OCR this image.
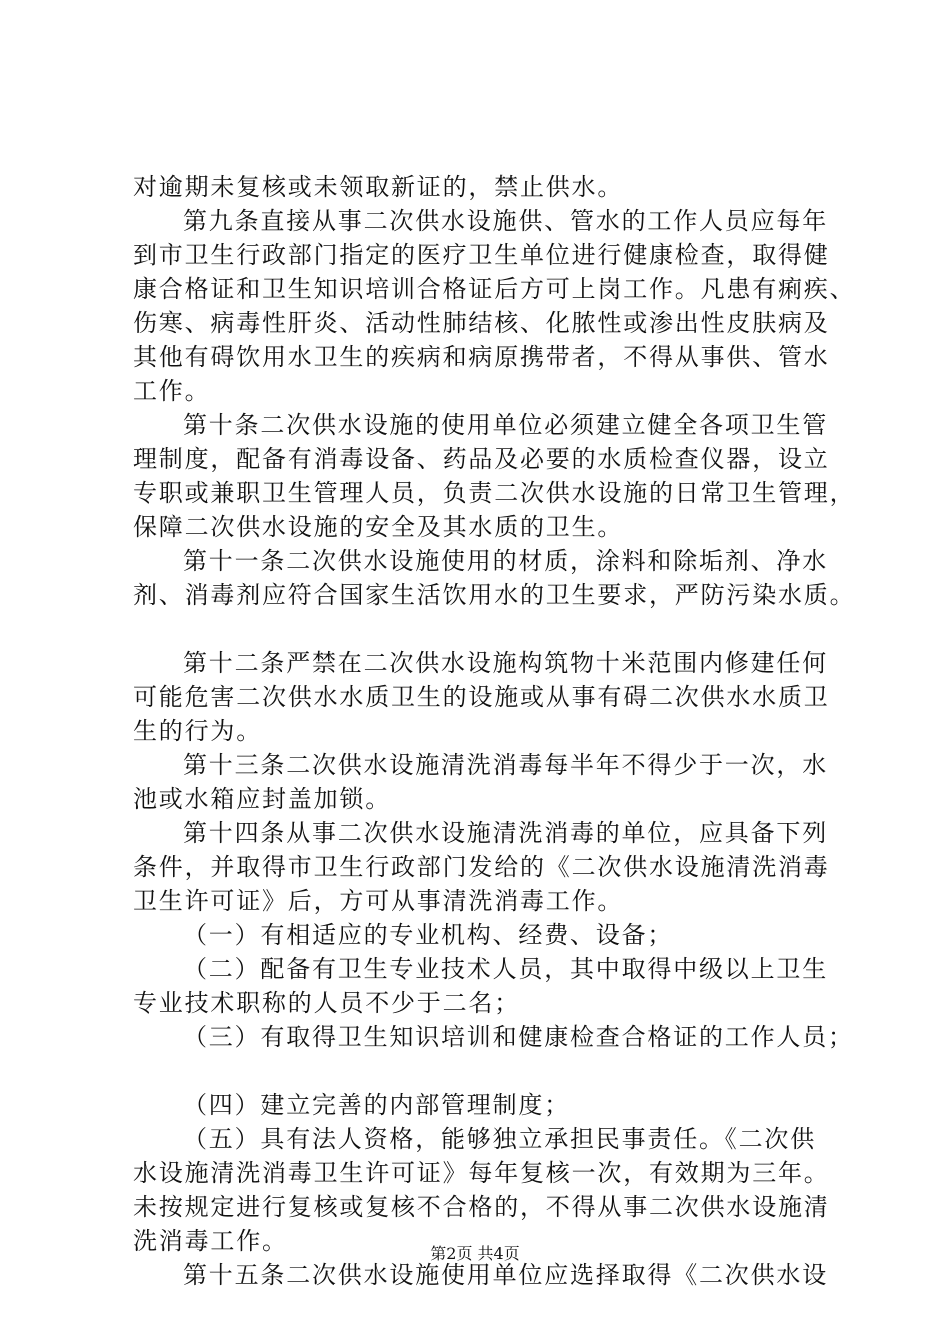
对逾期未复核或未领取新证的，禁止供水。
第九条直接从事二次供水设施供、管水的工作人员应每年
到市卫生行政部门指定的医疗卫生单位进行健康检查，取得健
康合格证和卫生知识培训合格证后方可上岗工作。凡患有痢疾、
伤寒、病毒性肝炎、活动性肺结核、化脓性或渗出性皮肤病及
其他有碍饮用水卫生的疾病和病原携带者，不得从事供、管水
工作。
第十条二次供水设施的使用单位必须建立健全各项卫生管
理制度，配备有消毒设备、药品及必要的水质检查仪器，设立
专职或兼职卫生管理人员，负责二次供水设施的日常卫生管理，
保障二次供水设施的安全及其水质的卫生。
第十一条二次供水设施使用的材质，涂料和除垢剂、净水
剂、消毒剂应符合国家生活饮用水的卫生要求，严防污染水质。
第十二条严禁在二次供水设施构筑物十米范围内修建任何
可能危害二次供水水质卫生的设施或从事有碍二次供水水质卫
生的行为。
第十三条二次供水设施清洗消毒每半年不得少于一次，水
池或水箱应封盖加锁。
第十四条从事二次供水设施清洗消毒的单位，应具备下列
条件，并取得市卫生行政部门发给的《二次供水设施清洗消毒
卫生许可证》后，方可从事清洗消毒工作。
（一）有相适应的专业机构、经费、设备；
（二）配备有卫生专业技术人员，其中取得中级以上卫生
专业技术职称的人员不少于二名；
（三）有取得卫生知识培训和健康检查合格证的工作人员；
（四）建立完善的内部管理制度；
（五）具有法人资格，能够独立承担民事责任。《二次供
水设施清洗消毒卫生许可证》每年复核一次，有效期为三年。
未按规定进行复核或复核不合格的，不得从事二次供水设施清
洗消毒工作。
第十五条二次供水设施使用单位应选择取得《二次供水设
第2页 共4页
